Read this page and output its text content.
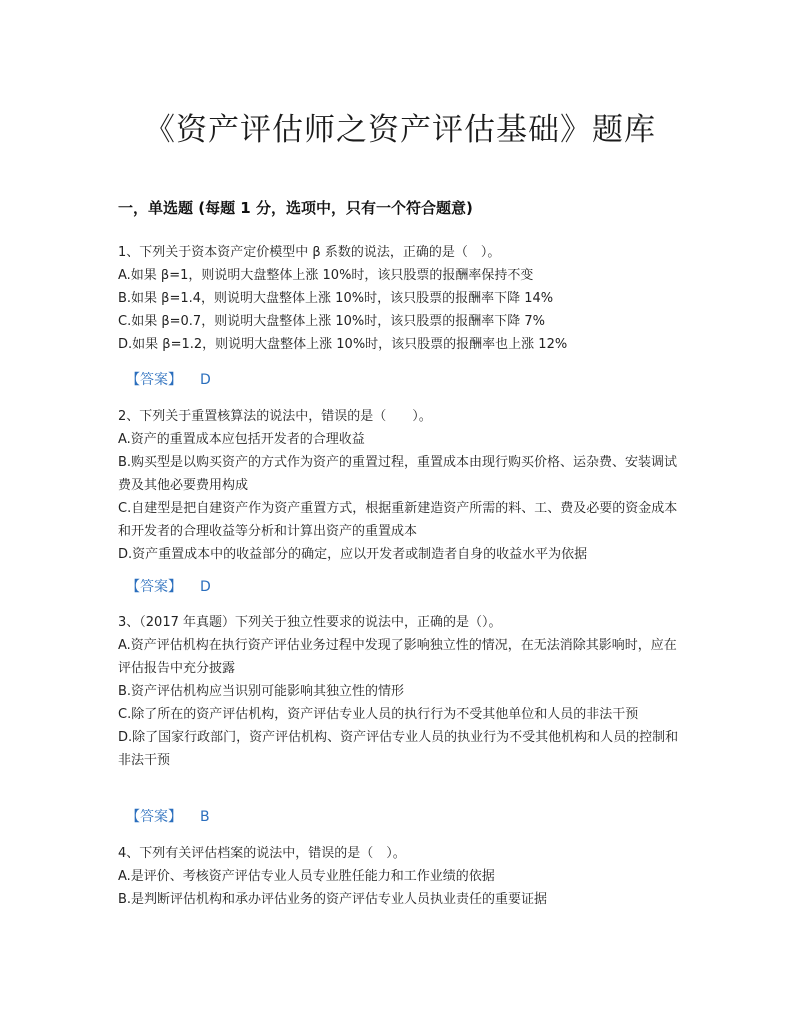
《资产评估师之资产评估基础》题库
一，单选题 (每题 1 分，选项中，只有一个符合题意)

1、下列关于资本资产定价模型中 β 系数的说法，正确的是（　）。

A.如果 β=1，则说明大盘整体上涨 10%时，该只股票的报酬率保持不变

B.如果 β=1.4，则说明大盘整体上涨 10%时，该只股票的报酬率下降 14%

C.如果 β=0.7，则说明大盘整体上涨 10%时，该只股票的报酬率下降 7%

D.如果 β=1.2，则说明大盘整体上涨 10%时，该只股票的报酬率也上涨 12%

【答案】 D

2、下列关于重置核算法的说法中，错误的是（　　）。

A.资产的重置成本应包括开发者的合理收益

B.购买型是以购买资产的方式作为资产的重置过程，重置成本由现行购买价格、运杂费、安装调试费及其他必要费用构成

C.自建型是把自建资产作为资产重置方式，根据重新建造资产所需的料、工、费及必要的资金成本和开发者的合理收益等分析和计算出资产的重置成本

D.资产重置成本中的收益部分的确定，应以开发者或制造者自身的收益水平为依据

【答案】 D

3、（2017 年真题）下列关于独立性要求的说法中，正确的是（）。

A.资产评估机构在执行资产评估业务过程中发现了影响独立性的情况，在无法消除其影响时，应在评估报告中充分披露

B.资产评估机构应当识别可能影响其独立性的情形

C.除了所在的资产评估机构，资产评估专业人员的执行行为不受其他单位和人员的非法干预

D.除了国家行政部门，资产评估机构、资产评估专业人员的执业行为不受其他机构和人员的控制和非法干预

【答案】 B

4、下列有关评估档案的说法中，错误的是（　）。

A.是评价、考核资产评估专业人员专业胜任能力和工作业绩的依据

B.是判断评估机构和承办评估业务的资产评估专业人员执业责任的重要证据
